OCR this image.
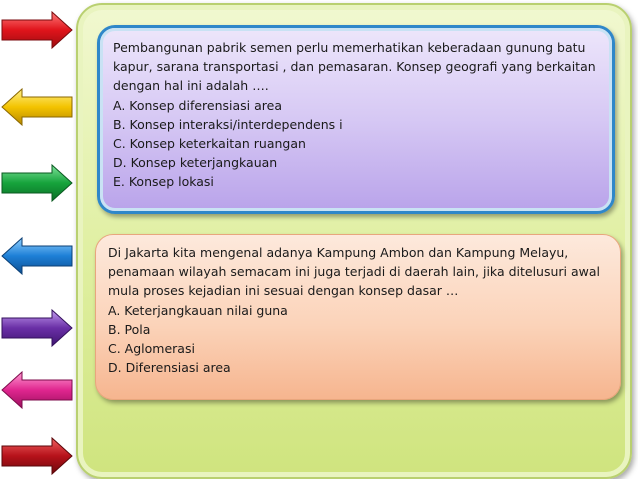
Pembangunan pabrik semen perlu memerhatikan keberadaan gunung batu
kapur, sarana transportasi , dan pemasaran. Konsep geografi yang berkaitan
dengan hal ini adalah ….
A. Konsep diferensiasi area
B. Konsep interaksi/interdependens i
C. Konsep keterkaitan ruangan
D. Konsep keterjangkauan
E. Konsep lokasi
Di Jakarta kita mengenal adanya Kampung Ambon dan Kampung Melayu,
penamaan wilayah semacam ini juga terjadi di daerah lain, jika ditelusuri awal
mula proses kejadian ini sesuai dengan konsep dasar …
A. Keterjangkauan nilai guna
B. Pola
C. Aglomerasi
D. Diferensiasi area
